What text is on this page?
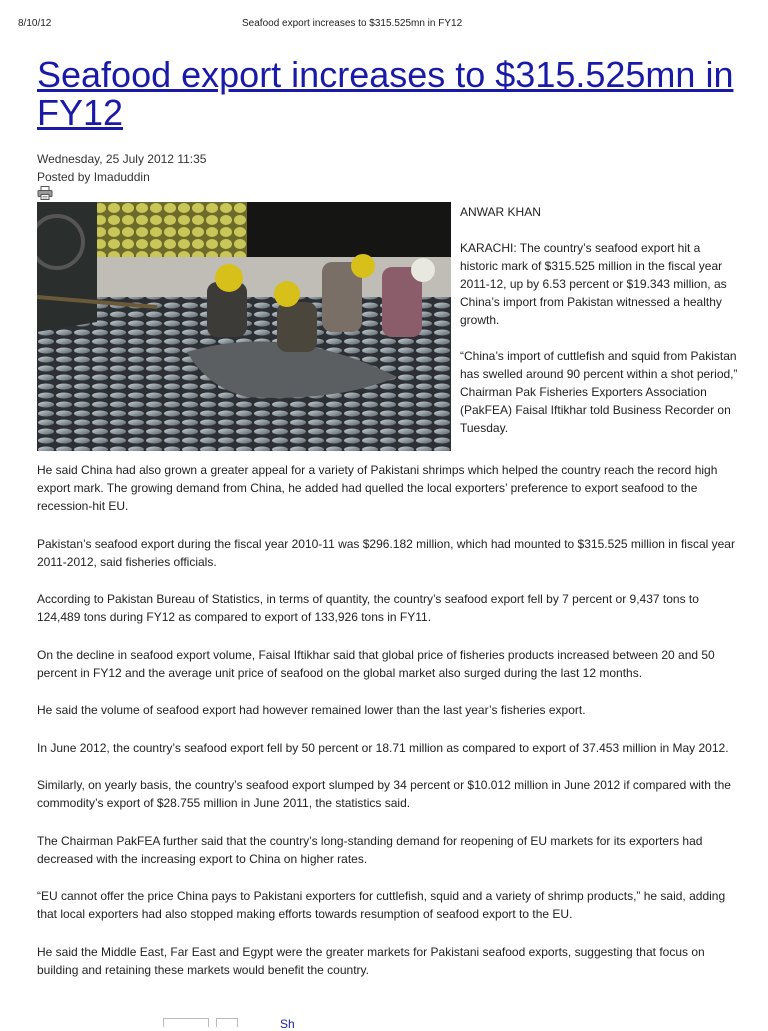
8/10/12	Seafood export increases to $315.525mn in FY12
Seafood export increases to $315.525mn in FY12
Wednesday, 25 July 2012 11:35
Posted by Imaduddin

ANWAR KHAN

KARACHI: The country’s seafood export hit a historic mark of $315.525 million in the fiscal year 2011-12, up by 6.53 percent or $19.343 million, as China’s import from Pakistan witnessed a healthy growth.

“China’s import of cuttlefish and squid from Pakistan has swelled around 90 percent within a shot period,” Chairman Pak Fisheries Exporters Association (PakFEA) Faisal Iftikhar told Business Recorder on Tuesday.

He said China had also grown a greater appeal for a variety of Pakistani shrimps which helped the country reach the record high export mark. The growing demand from China, he added had quelled the local exporters’ preference to export seafood to the recession-hit EU.

Pakistan’s seafood export during the fiscal year 2010-11 was $296.182 million, which had mounted to $315.525 million in fiscal year 2011-2012, said fisheries officials.

According to Pakistan Bureau of Statistics, in terms of quantity, the country’s seafood export fell by 7 percent or 9,437 tons to 124,489 tons during FY12 as compared to export of 133,926 tons in FY11.

On the decline in seafood export volume, Faisal Iftikhar said that global price of fisheries products increased between 20 and 50 percent in FY12 and the average unit price of seafood on the global market also surged during the last 12 months.

He said the volume of seafood export had however remained lower than the last year’s fisheries export.

In June 2012, the country’s seafood export fell by 50 percent or 18.71 million as compared to export of 37.453 million in May 2012.

Similarly, on yearly basis, the country’s seafood export slumped by 34 percent or $10.012 million in June 2012 if compared with the commodity’s export of $28.755 million in June 2011, the statistics said.

The Chairman PakFEA further said that the country’s long-standing demand for reopening of EU markets for its exporters had decreased with the increasing export to China on higher rates.

“EU cannot offer the price China pays to Pakistani exporters for cuttlefish, squid and a variety of shrimp products,” he said, adding that local exporters had also stopped making efforts towards resumption of seafood export to the EU.

He said the Middle East, Far East and Egypt were the greater markets for Pakistani seafood exports, suggesting that focus on building and retaining these markets would benefit the country.

Sh
